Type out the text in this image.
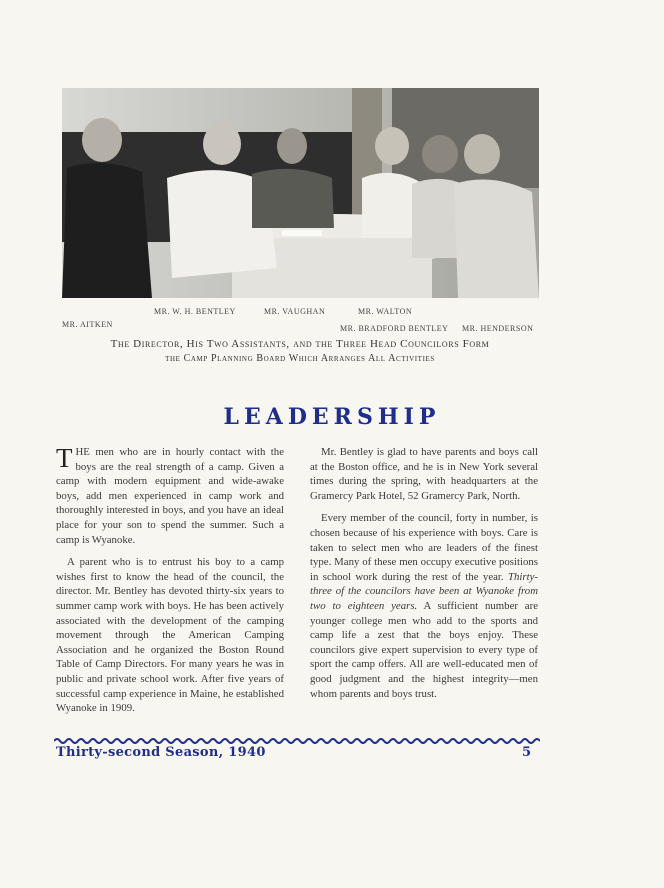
MR. W. H. BENTLEY	MR. VAUGHAN	MR. WALTON
MR. AITKEN	MR. BRADFORD BENTLEY MR. HENDERSON
The Director, His Two Assistants, and the Three Head Councilors Form
the Camp Planning Board Which Arranges All Activities
LEADERSHIP

THE men who are in hourly contact with the boys are the real strength of a camp. Given a camp with modern equipment and wide-awake boys, add men experienced in camp work and thoroughly interested in boys, and you have an ideal place for your son to spend the summer. Such a camp is Wyanoke.

A parent who is to entrust his boy to a camp wishes first to know the head of the council, the director. Mr. Bentley has devoted thirty-six years to summer camp work with boys. He has been actively associated with the development of the camping movement through the American Camping Association and he organized the Boston Round Table of Camp Directors. For many years he was in public and private school work. After five years of successful camp experience in Maine, he established Wyanoke in 1909.

Mr. Bentley is glad to have parents and boys call at the Boston office, and he is in New York several times during the spring, with headquarters at the Gramercy Park Hotel, 52 Gramercy Park, North.

Every member of the council, forty in number, is chosen because of his experience with boys. Care is taken to select men who are leaders of the finest type. Many of these men occupy executive positions in school work during the rest of the year. Thirty-three of the councilors have been at Wyanoke from two to eighteen years. A sufficient number are younger college men who add to the sports and camp life a zest that the boys enjoy. These councilors give expert supervision to every type of sport the camp offers. All are well-educated men of good judgment and the highest integrity—men whom parents and boys trust.

Thirty-second Season, 1940	5
